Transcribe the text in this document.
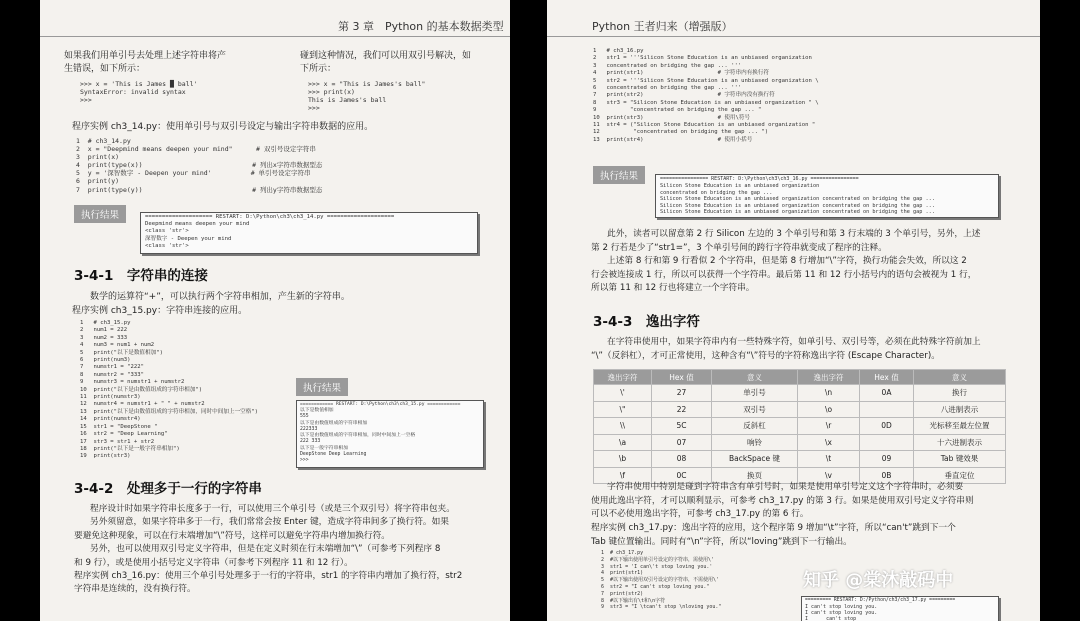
第 3 章　Python 的基本数据类型
如果我们用单引号去处理上述字符串将产
生错误，如下所示：
>>> x = 'This is James █ ball'
SyntaxError: invalid syntax
>>>
碰到这种情况，我们可以用双引号解决，如
下所示：
>>> x = "This is James's ball"
>>> print(x)
This is James's ball
>>>
程序实例 ch3_14.py：使用单引号与双引号设定与输出字符串数据的应用。
1  # ch3_14.py
2  x = "Deepmind means deepen your mind"      # 双引号设定字符串
3  print(x)
4  print(type(x))                            # 列出x字符串数据型态
5  y = '深智数字 - Deepen your mind'          # 单引号设定字符串
6  print(y)
7  print(type(y))                            # 列出y字符串数据型态
执行结果	==================== RESTART: D:\Python\ch3\ch3_14.py ====================
Deepmind means deepen your mind
<class 'str'>
深智数字 - Deepen your mind
<class 'str'>
3-4-1　字符串的连接
数学的运算符“+”，可以执行两个字符串相加，产生新的字符串。
程序实例 ch3_15.py：字符串连接的应用。
1   # ch3_15.py
2   num1 = 222
3   num2 = 333
4   num3 = num1 + num2
5   print("以下是数值相加")
6   print(num3)
7   numstr1 = "222"
8   numstr2 = "333"
9   numstr3 = numstr1 + numstr2
10  print("以下是由数值组成的字符串相加")
11  print(numstr3)
12  numstr4 = numstr1 + " " + numstr2
13  print("以下是由数值组成的字符串相加，同时中间加上一空格")
14  print(numstr4)
15  str1 = "DeepStone "
16  str2 = "Deep Learning"
17  str3 = str1 + str2
18  print("以下是一般字符串相加")
19  print(str3)
执行结果
============ RESTART: D:\Python\ch3\ch3_15.py ============
以下是数值相加
555
以下是由数值组成的字符串相加
222333
以下是由数值组成的字符串相加，同时中间加上一空格
222 333
以下是一般字符串相加
DeepStone Deep Learning
>>>
3-4-2　处理多于一行的字符串
程序设计时如果字符串长度多于一行，可以使用三个单引号（或是三个双引号）将字符串包夹。
另外须留意，如果字符串多于一行，我们常常会按 Enter 键，造成字符串间多了换行符。如果
要避免这种现象，可以在行末端增加“\”符号，这样可以避免字符串内增加换行符。
另外，也可以使用双引号定义字符串，但是在定义时须在行末端增加“\”（可参考下列程序 8
和 9 行），或是使用小括号定义字符串（可参考下列程序 11 和 12 行）。
程序实例 ch3_16.py：使用三个单引号处理多于一行的字符串，str1 的字符串内增加了换行符，str2
字符串是连续的，没有换行符。
Python 王者归来（增强版）
1   # ch3_16.py
2   str1 = '''Silicon Stone Education is an unbiased organization
3   concentrated on bridging the gap ... '''
4   print(str1)                      # 字符串内有换行符
5   str2 = '''Silicon Stone Education is an unbiased organization \
6   concentrated on bridging the gap ... '''
7   print(str2)                      # 字符串内没有换行符
8   str3 = "Silicon Stone Education is an unbiased organization " \
9          "concentrated on bridging the gap ... "
10  print(str3)                      # 使用\符号
11  str4 = ("Silicon Stone Education is an unbiased organization "
12          "concentrated on bridging the gap ... ")
13  print(str4)                      # 使用小括号
执行结果	================ RESTART: D:\Python\ch3\ch3_16.py ================
Silicon Stone Education is an unbiased organization
concentrated on bridging the gap ...
Silicon Stone Education is an unbiased organization concentrated on bridging the gap ...
Silicon Stone Education is an unbiased organization concentrated on bridging the gap ...
Silicon Stone Education is an unbiased organization concentrated on bridging the gap ...
此外，读者可以留意第 2 行 Silicon 左边的 3 个单引号和第 3 行末端的 3 个单引号，另外，上述
第 2 行若是少了“str1=”，3 个单引号间的跨行字符串就变成了程序的注释。
上述第 8 行和第 9 行看似 2 个字符串，但是第 8 行增加“\”字符，换行功能会失效，所以这 2
行会被连接成 1 行，所以可以获得一个字符串。最后第 11 和 12 行小括号内的语句会被视为 1 行，
所以第 11 和 12 行也将建立一个字符串。
3-4-3　逸出字符
在字符串使用中，如果字符串内有一些特殊字符，如单引号、双引号等，必须在此特殊字符前加上
“\”（反斜杠），才可正常使用，这种含有“\”符号的字符称逸出字符 (Escape Character)。
逸出字符	Hex 值	意义	逸出字符	Hex 值	意义
\'	27	单引号	\n	0A	换行
\"	22	双引号	\o		八进制表示
\\	5C	反斜杠	\r	0D	光标移至最左位置
\a	07	响铃	\x		十六进制表示
\b	08	BackSpace 键	\t	09	Tab 键效果
\f	0C	换页	\v	0B	垂直定位
字符串使用中特别是碰到字符串含有单引号时，如果是使用单引号定义这个字符串时，必须要
使用此逸出字符，才可以顺利显示，可参考 ch3_17.py 的第 3 行。如果是使用双引号定义字符串则
可以不必使用逸出字符，可参考 ch3_17.py 的第 6 行。
程序实例 ch3_17.py：逸出字符的应用，这个程序第 9 增加“\t”字符，所以“can't”跳到下一个
Tab 键位置输出。同时有“\n”字符，所以“loving”跳到下一行输出。
1  # ch3_17.py
2  #以下输出使用单引号设定的字符串，需使用\'
3  str1 = 'I can\'t stop loving you.'
4  print(str1)
5  #以下输出使用双引号设定的字符串，不需使用\'
6  str2 = "I can't stop loving you."
7  print(str2)
8  #以下输出有\t和\n字符
9  str3 = "I \tcan't stop \nloving you."
========= RESTART: D:/Python/ch3/ch3_17.py =========
I can't stop loving you.
I can't stop loving you.
I      can't stop
知乎 @棠沐敲码中
